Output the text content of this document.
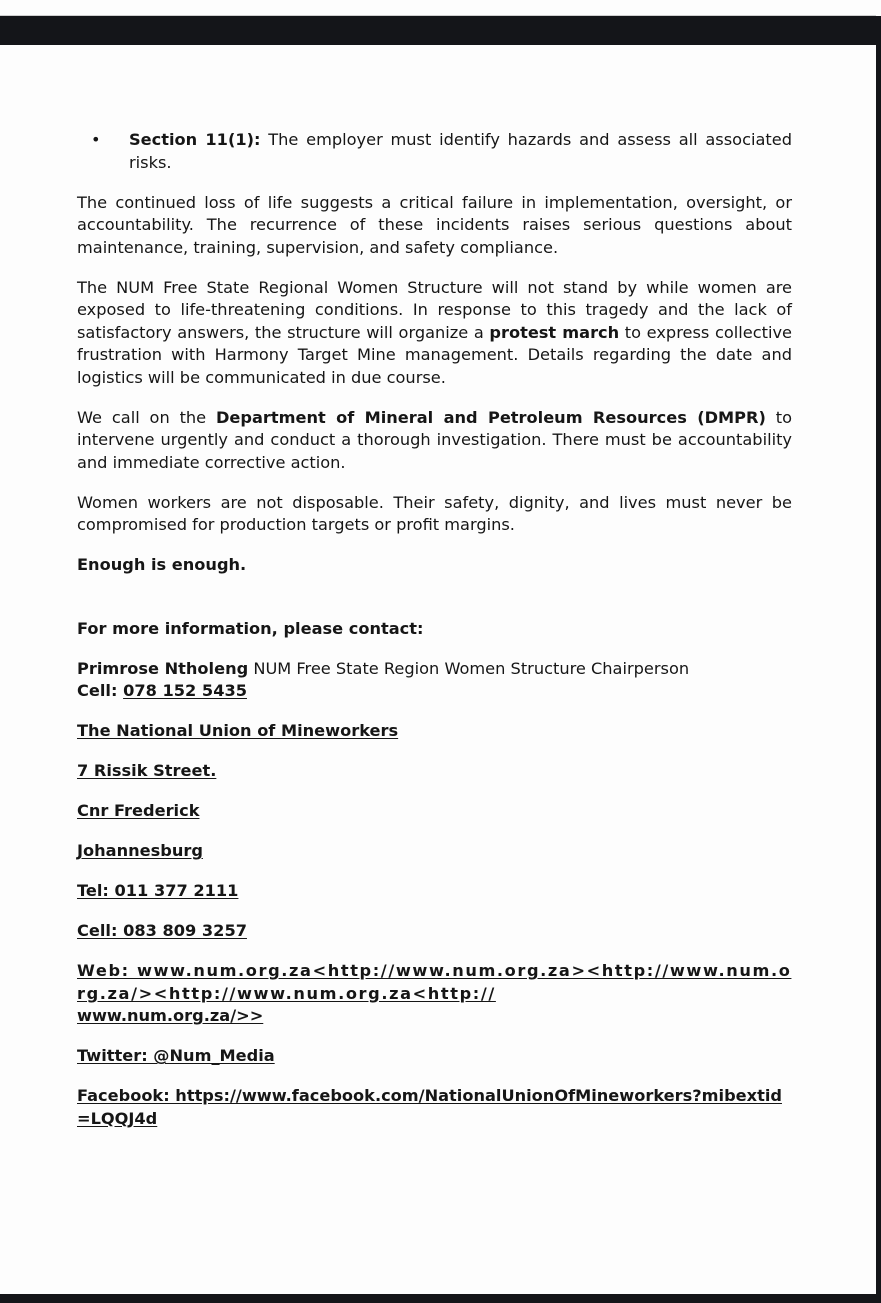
• Section 11(1): The employer must identify hazards and assess all associated risks.

The continued loss of life suggests a critical failure in implementation, oversight, or accountability. The recurrence of these incidents raises serious questions about maintenance, training, supervision, and safety compliance.

The NUM Free State Regional Women Structure will not stand by while women are exposed to life-threatening conditions. In response to this tragedy and the lack of satisfactory answers, the structure will organize a protest march to express collective frustration with Harmony Target Mine management. Details regarding the date and logistics will be communicated in due course.

We call on the Department of Mineral and Petroleum Resources (DMPR) to intervene urgently and conduct a thorough investigation. There must be accountability and immediate corrective action.

Women workers are not disposable. Their safety, dignity, and lives must never be compromised for production targets or profit margins.

Enough is enough.

For more information, please contact:

Primrose Ntholeng NUM Free State Region Women Structure Chairperson
Cell: 078 152 5435

The National Union of Mineworkers

7 Rissik Street.

Cnr Frederick

Johannesburg

Tel: 011 377 2111

Cell: 083 809 3257

Web: www.num.org.za<http://www.num.org.za><http://www.num.org.za/><http://www.num.org.za<http://
www.num.org.za/>>

Twitter: @Num_Media

Facebook: https://www.facebook.com/NationalUnionOfMineworkers?mibextid=LQQJ4d
